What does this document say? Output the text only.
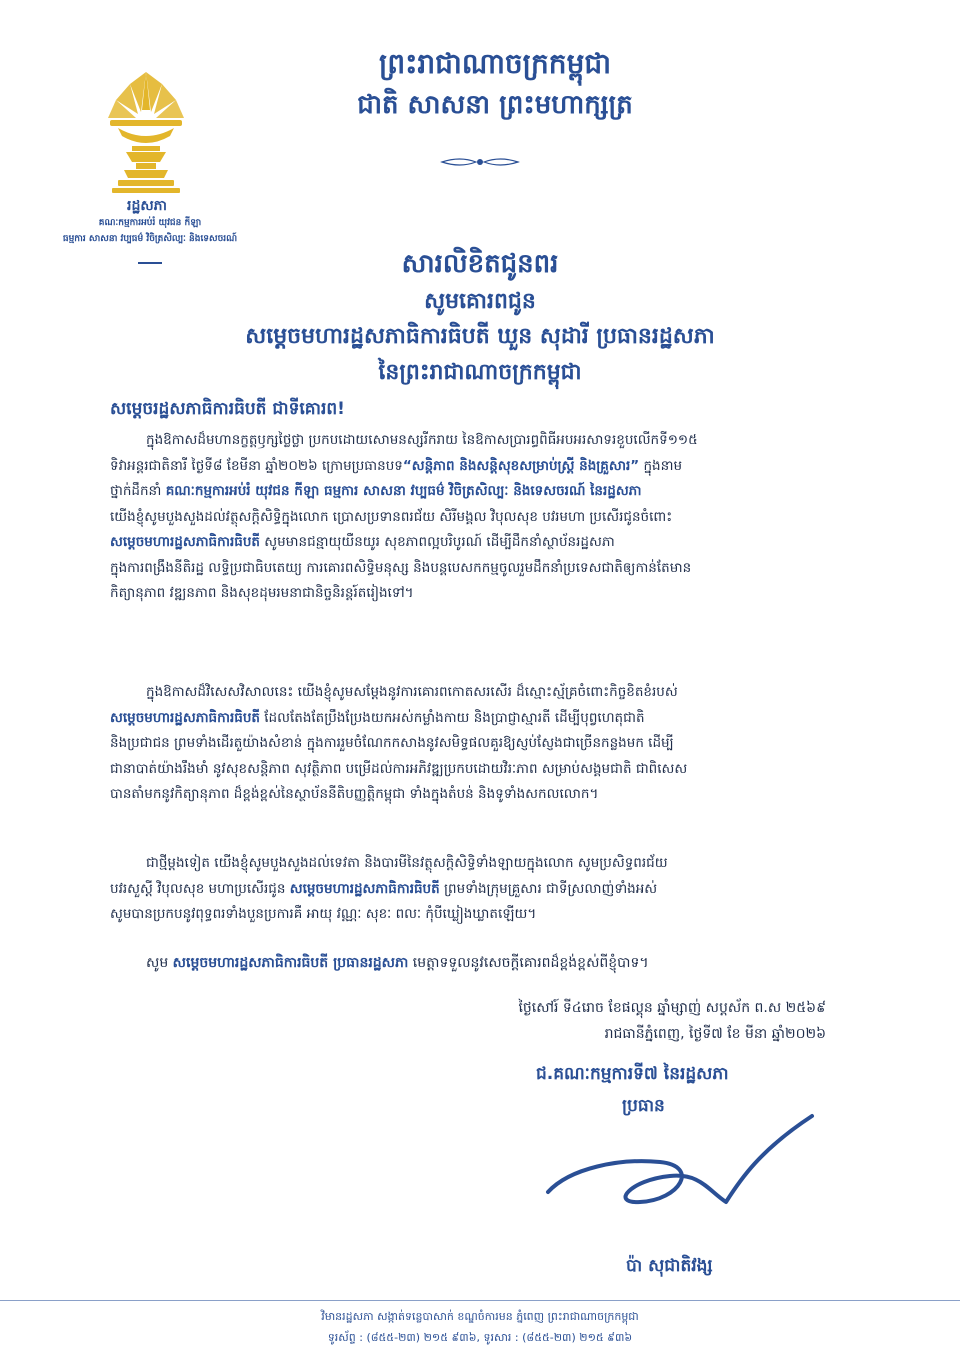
ព្រះរាជាណាចក្រកម្ពុជា
ជាតិ សាសនា ព្រះមហាក្សត្រ
រដ្ឋសភា
គណៈកម្មការអប់រំ យុវជន កីឡា
ធម្មការ សាសនា វប្បធម៌ វិចិត្រសិល្បៈ និងទេសចរណ៍
សារលិខិតជូនពរ
សូមគោរពជូន
សម្តេចមហារដ្ឋសភាធិការធិបតី ឃួន សុដារី ប្រធានរដ្ឋសភា
នៃព្រះរាជាណាចក្រកម្ពុជា
សម្តេចរដ្ឋសភាធិការធិបតី ជាទីគោរព!
ក្នុងឱកាសដ៏មហានក្ខត្តឫក្សថ្លៃថ្លា ប្រកបដោយសោមនស្សរីករាយ នៃឱកាសប្រារព្ធពិធីអបអរសាទរខួបលើកទី១១៥
ទិវាអន្តរជាតិនារី ថ្ងៃទី៨ ខែមីនា ឆ្នាំ២០២៦ ក្រោមប្រធានបទ“សន្តិភាព និងសន្តិសុខសម្រាប់ស្ត្រី និងគ្រួសារ” ក្នុងនាម
ថ្នាក់ដឹកនាំ គណៈកម្មការអប់រំ យុវជន កីឡា ធម្មការ សាសនា វប្បធម៌ វិចិត្រសិល្បៈ និងទេសចរណ៍ នៃរដ្ឋសភា
យើងខ្ញុំសូមបួងសួងដល់វត្ថុសក្តិសិទ្ធិក្នុងលោក ប្រោសប្រទានពរជ័យ សិរីមង្គល វិបុលសុខ បវរមហា ប្រសើរជូនចំពោះ
សម្តេចមហារដ្ឋសភាធិការធិបតី សូមមានជន្មាយុយឺនយូរ សុខភាពល្អបរិបូរណ៍ ដើម្បីដឹកនាំស្ថាប័នរដ្ឋសភា
ក្នុងការពង្រឹងនីតិរដ្ឋ លទ្ធិប្រជាធិបតេយ្យ ការគោរពសិទ្ធិមនុស្ស និងបន្តបេសកកម្មចូលរួមដឹកនាំប្រទេសជាតិឲ្យកាន់តែមាន
កិត្យានុភាព វឌ្ឍនភាព និងសុខដុមរមនាជានិច្ចនិរន្តរ៍តរៀងទៅ។
ក្នុងឱកាសដ៏វិសេសវិសាលនេះ យើងខ្ញុំសូមសម្តែងនូវការគោរពកោតសរសើរ ដ៏ស្មោះស្ម័គ្រចំពោះកិច្ចខិតខំរបស់
សម្តេចមហារដ្ឋសភាធិការធិបតី ដែលតែងតែប្រឹងប្រែងយកអស់កម្លាំងកាយ និងប្រាជ្ញាស្មារតី ដើម្បីបុព្វហេតុជាតិ
និងប្រជាជន ព្រមទាំងដើរតួយ៉ាងសំខាន់ ក្នុងការរួមចំណែកកសាងនូវសមិទ្ធផលគួរឱ្យស្ញប់ស្ញែងជាច្រើនកន្លងមក ដើម្បី
ជានាបាត់យ៉ាងរឹងមាំ នូវសុខសន្តិភាព សុវត្ថិភាព បម្រើដល់ការអភិវឌ្ឍប្រកបដោយវិរៈភាព សម្រាប់សង្គមជាតិ ជាពិសេស
បានតាំមកនូវកិត្យានុភាព ដ៏ខ្ពង់ខ្ពស់នៃស្ថាប័ននីតិបញ្ញត្តិកម្ពុជា ទាំងក្នុងតំបន់ និងទូទាំងសកលលោក។
ជាថ្មីម្តងទៀត យើងខ្ញុំសូមបួងសួងដល់ទេវតា និងបារមីនៃវត្ថុសក្តិសិទ្ធិទាំងឡាយក្នុងលោក សូមប្រសិទ្ធពរជ័យ
បវរសួស្តី វិបុលសុខ មហាប្រសើរជូន សម្តេចមហារដ្ឋសភាធិការធិបតី ព្រមទាំងក្រុមគ្រួសារ ជាទីស្រលាញ់ទាំងអស់
សូមបានប្រកបនូវពុទ្ធពរទាំងបួនប្រការគឺ អាយុ វណ្ណៈ សុខៈ ពលៈ កុំបីឃ្លៀងឃ្លាតឡើយ។
សូម សម្តេចមហារដ្ឋសភាធិការធិបតី ប្រធានរដ្ឋសភា មេត្តាទទួលនូវសេចក្តីគោរពដ៏ខ្ពង់ខ្ពស់ពីខ្ញុំបាទ។
ថ្ងៃសៅរ៍ ទី៤រោច ខែផល្គុន ឆ្នាំម្សាញ់ សប្តស័ក ព.ស ២៥៦៩
រាជធានីភ្នំពេញ, ថ្ងៃទី៧ ខែ មីនា ឆ្នាំ២០២៦
ជ.គណៈកម្មការទី៧ នៃរដ្ឋសភា
ប្រធាន
ប៉ា សុជាតិវង្ស
វិមានរដ្ឋសភា សង្កាត់ទន្លេបាសាក់ ខណ្ឌចំការមន ភ្នំពេញ ព្រះរាជាណាចក្រកម្ពុជា
ទូរស័ព្ទ : (៨៥៥-២៣) ២១៥ ៩៣៦, ទូរសារ : (៨៥៥-២៣) ២១៥ ៩៣៦
